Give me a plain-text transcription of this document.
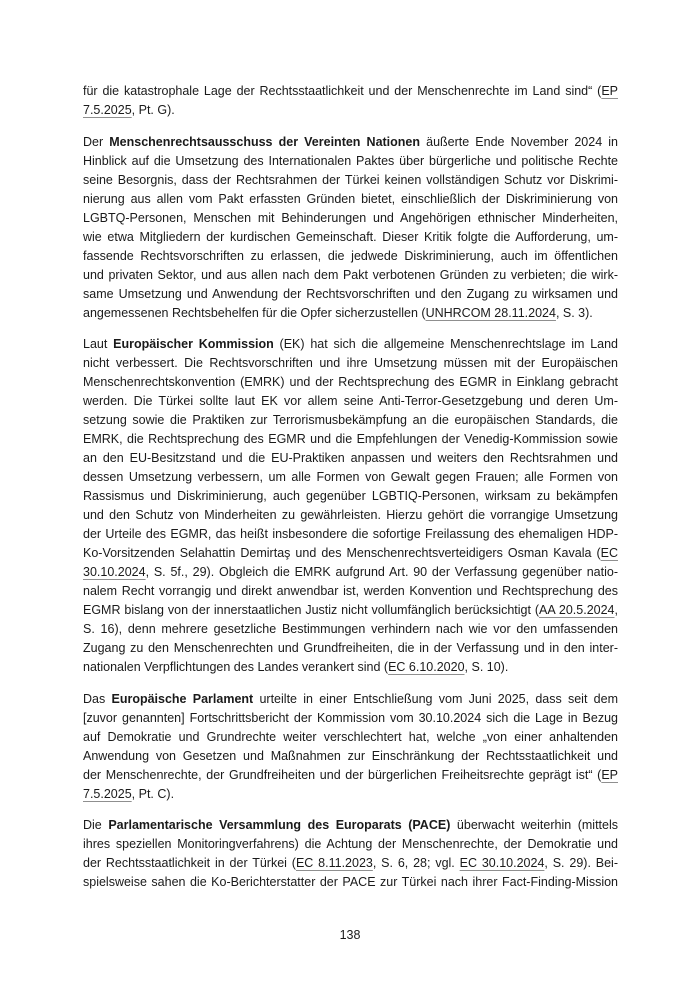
für die katastrophale Lage der Rechtsstaatlichkeit und der Menschenrechte im Land sind“ (EP
7.5.2025, Pt. G).
Der Menschenrechtsausschuss der Vereinten Nationen äußerte Ende November 2024 in
Hinblick auf die Umsetzung des Internationalen Paktes über bürgerliche und politische Rechte
seine Besorgnis, dass der Rechtsrahmen der Türkei keinen vollständigen Schutz vor Diskrimi-
nierung aus allen vom Pakt erfassten Gründen bietet, einschließlich der Diskriminierung von
LGBTQ-Personen, Menschen mit Behinderungen und Angehörigen ethnischer Minderheiten,
wie etwa Mitgliedern der kurdischen Gemeinschaft. Dieser Kritik folgte die Aufforderung, um-
fassende Rechtsvorschriften zu erlassen, die jedwede Diskriminierung, auch im öffentlichen
und privaten Sektor, und aus allen nach dem Pakt verbotenen Gründen zu verbieten; die wirk-
same Umsetzung und Anwendung der Rechtsvorschriften und den Zugang zu wirksamen und
angemessenen Rechtsbehelfen für die Opfer sicherzustellen (UNHRCOM 28.11.2024, S. 3).
Laut Europäischer Kommission (EK) hat sich die allgemeine Menschenrechtslage im Land
nicht verbessert. Die Rechtsvorschriften und ihre Umsetzung müssen mit der Europäischen
Menschenrechtskonvention (EMRK) und der Rechtsprechung des EGMR in Einklang gebracht
werden. Die Türkei sollte laut EK vor allem seine Anti-Terror-Gesetzgebung und deren Um-
setzung sowie die Praktiken zur Terrorismusbekämpfung an die europäischen Standards, die
EMRK, die Rechtsprechung des EGMR und die Empfehlungen der Venedig-Kommission sowie
an den EU-Besitzstand und die EU-Praktiken anpassen und weiters den Rechtsrahmen und
dessen Umsetzung verbessern, um alle Formen von Gewalt gegen Frauen; alle Formen von
Rassismus und Diskriminierung, auch gegenüber LGBTIQ-Personen, wirksam zu bekämpfen
und den Schutz von Minderheiten zu gewährleisten. Hierzu gehört die vorrangige Umsetzung
der Urteile des EGMR, das heißt insbesondere die sofortige Freilassung des ehemaligen HDP-
Ko-Vorsitzenden Selahattin Demirtaş und des Menschenrechtsverteidigers Osman Kavala (EC
30.10.2024, S. 5f., 29). Obgleich die EMRK aufgrund Art. 90 der Verfassung gegenüber natio-
nalem Recht vorrangig und direkt anwendbar ist, werden Konvention und Rechtsprechung des
EGMR bislang von der innerstaatlichen Justiz nicht vollumfänglich berücksichtigt (AA 20.5.2024,
S. 16), denn mehrere gesetzliche Bestimmungen verhindern nach wie vor den umfassenden
Zugang zu den Menschenrechten und Grundfreiheiten, die in der Verfassung und in den inter-
nationalen Verpflichtungen des Landes verankert sind (EC 6.10.2020, S. 10).
Das Europäische Parlament urteilte in einer Entschließung vom Juni 2025, dass seit dem
[zuvor genannten] Fortschrittsbericht der Kommission vom 30.10.2024 sich die Lage in Bezug
auf Demokratie und Grundrechte weiter verschlechtert hat, welche „von einer anhaltenden
Anwendung von Gesetzen und Maßnahmen zur Einschränkung der Rechtsstaatlichkeit und
der Menschenrechte, der Grundfreiheiten und der bürgerlichen Freiheitsrechte geprägt ist“ (EP
7.5.2025, Pt. C).
Die Parlamentarische Versammlung des Europarats (PACE) überwacht weiterhin (mittels
ihres speziellen Monitoringverfahrens) die Achtung der Menschenrechte, der Demokratie und
der Rechtsstaatlichkeit in der Türkei (EC 8.11.2023, S. 6, 28; vgl. EC 30.10.2024, S. 29). Bei-
spielsweise sahen die Ko-Berichterstatter der PACE zur Türkei nach ihrer Fact-Finding-Mission
138
